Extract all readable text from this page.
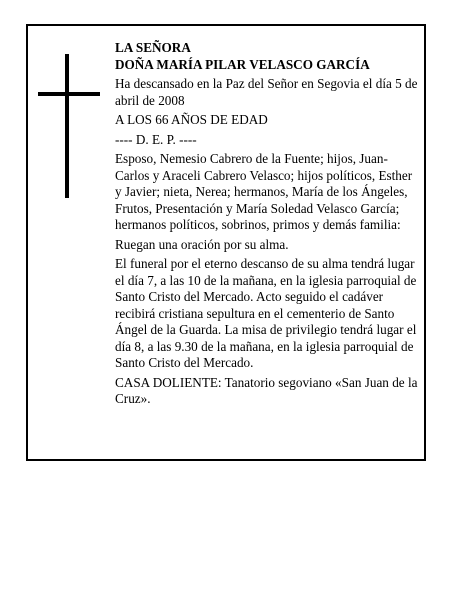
LA SEÑORA

DOÑA MARÍA PILAR VELASCO GARCÍA

Ha descansado en la Paz del Señor en Segovia el día 5 de abril de 2008

A LOS 66 AÑOS DE EDAD

---- D. E. P. ----

Esposo, Nemesio Cabrero de la Fuente; hijos, Juan-Carlos y Araceli Cabrero Velasco; hijos políticos, Esther y Javier; nieta, Nerea; hermanos, María de los Ángeles, Frutos, Presentación y María Soledad Velasco García; hermanos políticos, sobrinos, primos y demás familia:

Ruegan una oración por su alma.

El funeral por el eterno descanso de su alma tendrá lugar el día 7, a las 10 de la mañana, en la iglesia parroquial de Santo Cristo del Mercado. Acto seguido el cadáver recibirá cristiana sepultura en el cementerio de Santo Ángel de la Guarda. La misa de privilegio tendrá lugar el día 8, a las 9.30 de la mañana, en la iglesia parroquial de Santo Cristo del Mercado.

CASA DOLIENTE: Tanatorio segoviano «San Juan de la Cruz».
